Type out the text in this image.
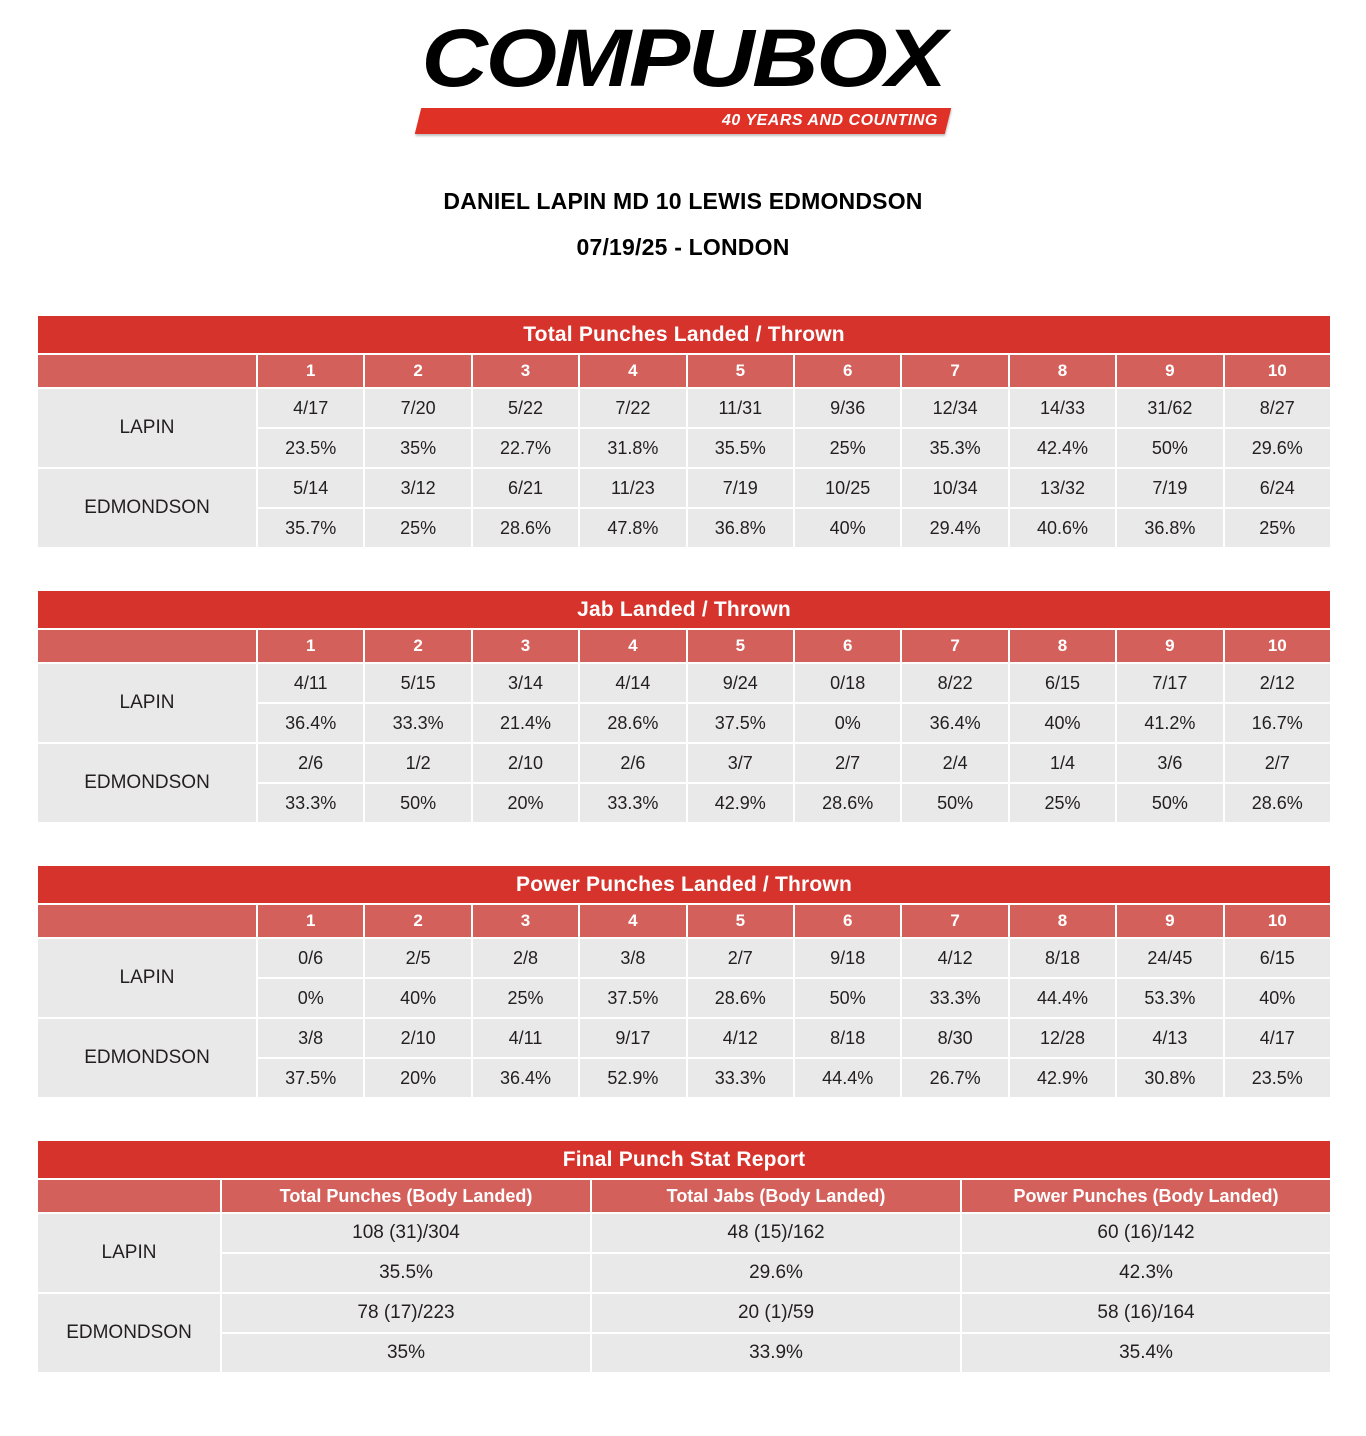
COMPUBOX
40 YEARS AND COUNTING
DANIEL LAPIN MD 10 LEWIS EDMONDSON
07/19/25 - LONDON
Total Punches Landed / Thrown
1	2	3	4	5	6	7	8	9	10
LAPIN
4/17	7/20	5/22	7/22	11/31	9/36	12/34	14/33	31/62	8/27
23.5%	35%	22.7%	31.8%	35.5%	25%	35.3%	42.4%	50%	29.6%
EDMONDSON
5/14	3/12	6/21	11/23	7/19	10/25	10/34	13/32	7/19	6/24
35.7%	25%	28.6%	47.8%	36.8%	40%	29.4%	40.6%	36.8%	25%
Jab Landed / Thrown
1	2	3	4	5	6	7	8	9	10
LAPIN
4/11	5/15	3/14	4/14	9/24	0/18	8/22	6/15	7/17	2/12
36.4%	33.3%	21.4%	28.6%	37.5%	0%	36.4%	40%	41.2%	16.7%
EDMONDSON
2/6	1/2	2/10	2/6	3/7	2/7	2/4	1/4	3/6	2/7
33.3%	50%	20%	33.3%	42.9%	28.6%	50%	25%	50%	28.6%
Power Punches Landed / Thrown
1	2	3	4	5	6	7	8	9	10
LAPIN
0/6	2/5	2/8	3/8	2/7	9/18	4/12	8/18	24/45	6/15
0%	40%	25%	37.5%	28.6%	50%	33.3%	44.4%	53.3%	40%
EDMONDSON
3/8	2/10	4/11	9/17	4/12	8/18	8/30	12/28	4/13	4/17
37.5%	20%	36.4%	52.9%	33.3%	44.4%	26.7%	42.9%	30.8%	23.5%
Final Punch Stat Report
Total Punches (Body Landed)	Total Jabs (Body Landed)	Power Punches (Body Landed)
LAPIN
108 (31)/304	48 (15)/162	60 (16)/142
35.5%	29.6%	42.3%
EDMONDSON
78 (17)/223	20 (1)/59	58 (16)/164
35%	33.9%	35.4%
